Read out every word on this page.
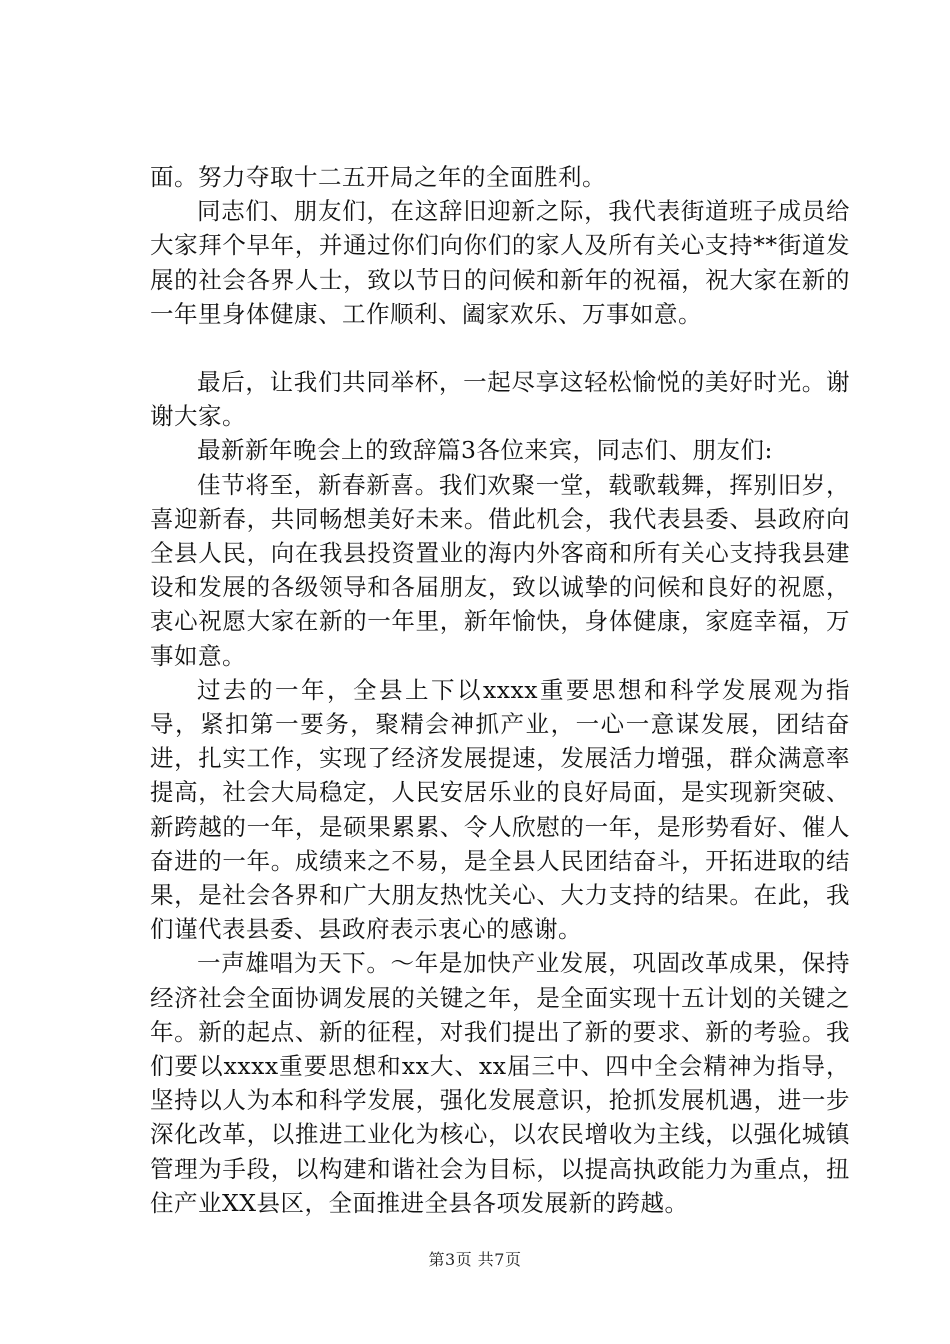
面。努力夺取十二五开局之年的全面胜利。

同志们、朋友们，在这辞旧迎新之际，我代表街道班子成员给大家拜个早年，并通过你们向你们的家人及所有关心支持**街道发展的社会各界人士，致以节日的问候和新年的祝福，祝大家在新的一年里身体健康、工作顺利、阖家欢乐、万事如意。

最后，让我们共同举杯，一起尽享这轻松愉悦的美好时光。谢谢大家。

最新新年晚会上的致辞篇3各位来宾，同志们、朋友们:

佳节将至，新春新喜。我们欢聚一堂，载歌载舞，挥别旧岁，喜迎新春，共同畅想美好未来。借此机会，我代表县委、县政府向全县人民，向在我县投资置业的海内外客商和所有关心支持我县建设和发展的各级领导和各届朋友，致以诚挚的问候和良好的祝愿，衷心祝愿大家在新的一年里，新年愉快，身体健康，家庭幸福，万事如意。

过去的一年，全县上下以xxxx重要思想和科学发展观为指导，紧扣第一要务，聚精会神抓产业，一心一意谋发展，团结奋进，扎实工作，实现了经济发展提速，发展活力增强，群众满意率提高，社会大局稳定，人民安居乐业的良好局面，是实现新突破、新跨越的一年，是硕果累累、令人欣慰的一年，是形势看好、催人奋进的一年。成绩来之不易，是全县人民团结奋斗，开拓进取的结果，是社会各界和广大朋友热忱关心、大力支持的结果。在此，我们谨代表县委、县政府表示衷心的感谢。

一声雄唱为天下。～年是加快产业发展，巩固改革成果，保持经济社会全面协调发展的关键之年，是全面实现十五计划的关键之年。新的起点、新的征程，对我们提出了新的要求、新的考验。我们要以xxxx重要思想和xx大、xx届三中、四中全会精神为指导，坚持以人为本和科学发展，强化发展意识，抢抓发展机遇，进一步深化改革，以推进工业化为核心，以农民增收为主线，以强化城镇管理为手段，以构建和谐社会为目标，以提高执政能力为重点，扭住产业XX县区，全面推进全县各项发展新的跨越。

第3页 共7页
